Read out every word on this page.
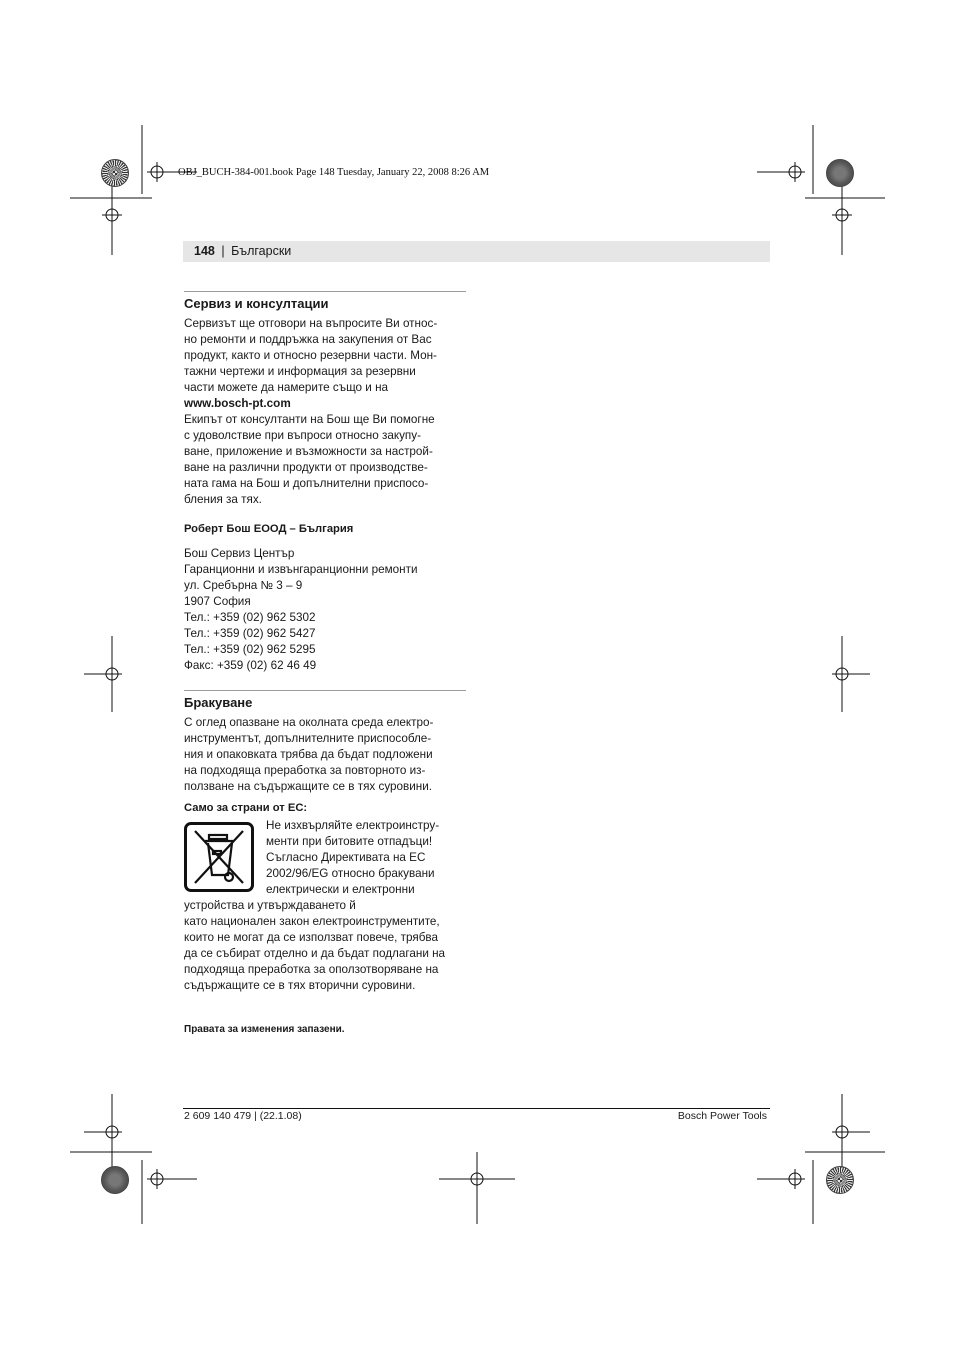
OBJ_BUCH-384-001.book Page 148 Tuesday, January 22, 2008 8:26 AM
148 | Български
Сервиз и консултации

Сервизът ще отговори на въпросите Ви относ-

но ремонти и поддръжка на закупения от Вас

продукт, както и относно резервни части. Мон-

тажни чертежи и информация за резервни

части можете да намерите също и на

www.bosch-pt.com

Екипът от консултанти на Бош ще Ви помогне

с удоволствие при въпроси относно закупу-

ване, приложение и възможности за настрой-

ване на различни продукти от производстве-

ната гама на Бош и допълнителни приспосо-

бления за тях.

Роберт Бош ЕООД – България

Бош Сервиз Център

Гаранционни и извънгаранционни ремонти

ул. Сребърна № 3 – 9

1907 София

Тел.: +359 (02) 962 5302

Тел.: +359 (02) 962 5427

Тел.: +359 (02) 962 5295

Факс: +359 (02) 62 46 49

Бракуване

С оглед опазване на околната среда електро-

инструментът, допълнителните приспособле-

ния и опаковката трябва да бъдат подложени

на подходяща преработка за повторното из-

ползване на съдържащите се в тях суровини.

Само за страни от ЕС:

Не изхвърляйте електроинстру-

менти при битовите отпадъци!

Съгласно Директивата на ЕС

2002/96/EG относно бракувани

електрически и електронни

устройства и утвърждаването й

като национален закон електроинструментите,

които не могат да се използват повече, трябва

да се събират отделно и да бъдат подлагани на

подходяща преработка за оползотворяване на

съдържащите се в тях вторични суровини.

Правата за изменения запазени.
2 609 140 479 | (22.1.08)	Bosch Power Tools
